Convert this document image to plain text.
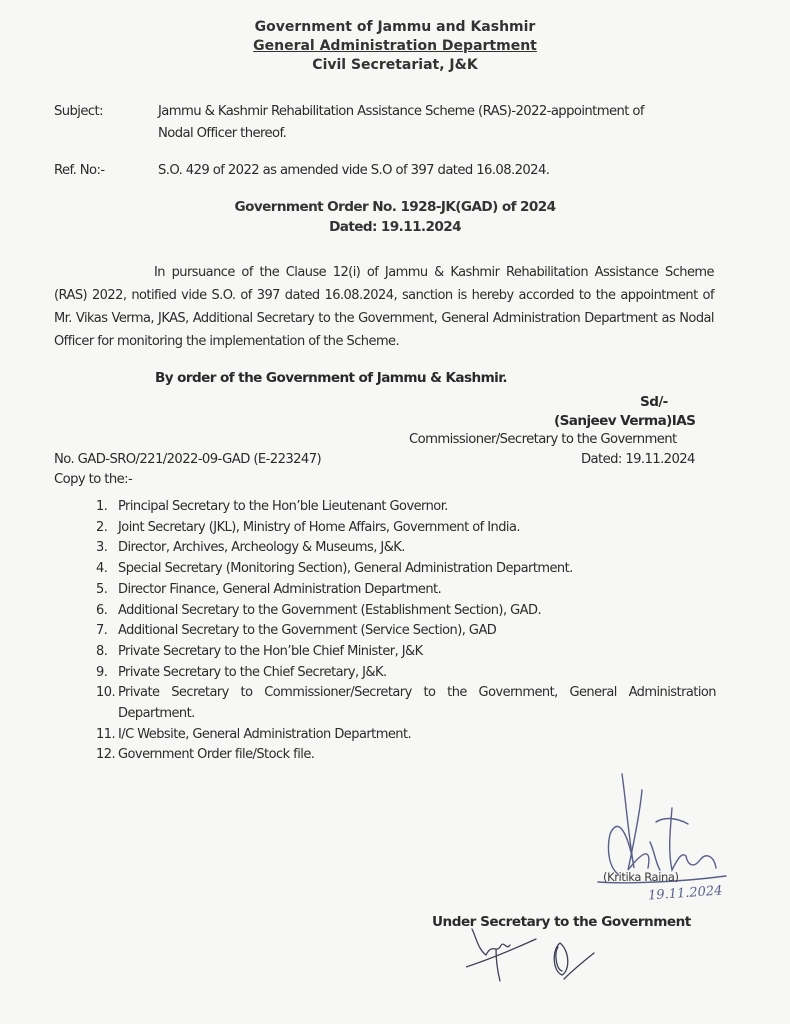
Government of Jammu and Kashmir
General Administration Department
Civil Secretariat, J&K
Subject:	Jammu & Kashmir Rehabilitation Assistance Scheme (RAS)-2022-appointment of
Nodal Officer thereof.
Ref. No:-	S.O. 429 of 2022 as amended vide S.O of 397 dated 16.08.2024.
Government Order No. 1928-JK(GAD) of 2024
Dated: 19.11.2024
In pursuance of the Clause 12(i) of Jammu & Kashmir Rehabilitation Assistance Scheme (RAS) 2022, notified vide S.O. of 397 dated 16.08.2024, sanction is hereby accorded to the appointment of Mr. Vikas Verma, JKAS, Additional Secretary to the Government, General Administration Department as Nodal Officer for monitoring the implementation of the Scheme.
By order of the Government of Jammu & Kashmir.
Sd/-
(Sanjeev Verma)IAS
Commissioner/Secretary to the Government
Dated: 19.11.2024
No. GAD-SRO/221/2022-09-GAD (E-223247)
Copy to the:-
1. Principal Secretary to the Hon’ble Lieutenant Governor.
2. Joint Secretary (JKL), Ministry of Home Affairs, Government of India.
3. Director, Archives, Archeology & Museums, J&K.
4. Special Secretary (Monitoring Section), General Administration Department.
5. Director Finance, General Administration Department.
6. Additional Secretary to the Government (Establishment Section), GAD.
7. Additional Secretary to the Government (Service Section), GAD
8. Private Secretary to the Hon’ble Chief Minister, J&K
9. Private Secretary to the Chief Secretary, J&K.
10. Private Secretary to Commissioner/Secretary to the Government, General Administration Department.
11. I/C Website, General Administration Department.
12. Government Order file/Stock file.
(Kritika Raina)
19.11.2024
Under Secretary to the Government
